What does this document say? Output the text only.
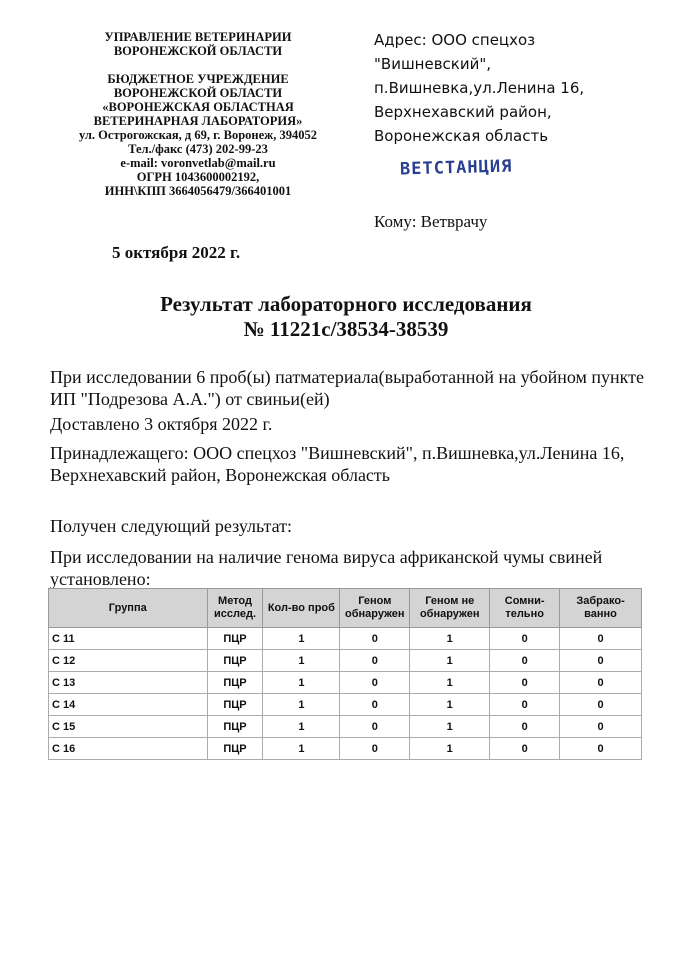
УПРАВЛЕНИЕ ВЕТЕРИНАРИИ
ВОРОНЕЖСКОЙ ОБЛАСТИ
БЮДЖЕТНОЕ УЧРЕЖДЕНИЕ
ВОРОНЕЖСКОЙ ОБЛАСТИ
«ВОРОНЕЖСКАЯ ОБЛАСТНАЯ
ВЕТЕРИНАРНАЯ ЛАБОРАТОРИЯ»
ул. Острогожская, д 69, г. Воронеж, 394052
Тел./факс (473) 202-99-23
e-mail: voronvetlab@mail.ru
ОГРН 1043600002192,
ИНН\КПП 3664056479/366401001
Адрес: ООО спецхоз
"Вишневский",
п.Вишневка,ул.Ленина 16,
Верхнехавский район,
Воронежская область
ВЕТСТАНЦИЯ
Кому: Ветврачу
5 октября 2022 г.
Результат лабораторного исследования
№ 11221с/38534-38539
При исследовании 6 проб(ы) патматериала(выработанной на убойном пункте ИП "Подрезова А.А.") от свиньи(ей)
Доставлено 3 октября 2022 г.
Принадлежащего: ООО спецхоз "Вишневский", п.Вишневка,ул.Ленина 16, Верхнехавский район, Воронежская область
Получен следующий результат:
При исследовании на наличие генома вируса африканской чумы свиней установлено:
Группа	Метод исслед.	Кол-во проб	Геном обнаружен	Геном не обнаружен	Сомни-тельно	Забрако-ванно
С 11	ПЦР	1	0	1	0	0
С 12	ПЦР	1	0	1	0	0
С 13	ПЦР	1	0	1	0	0
С 14	ПЦР	1	0	1	0	0
С 15	ПЦР	1	0	1	0	0
С 16	ПЦР	1	0	1	0	0
